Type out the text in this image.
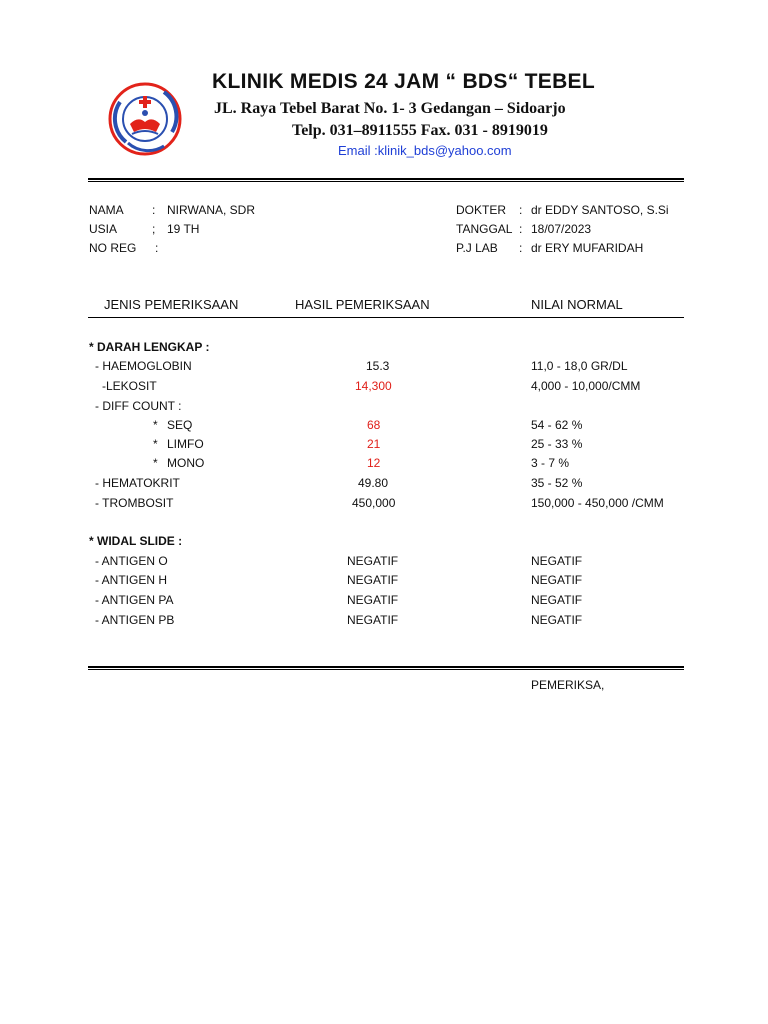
KLINIK MEDIS 24 JAM “ BDS“ TEBEL
JL. Raya Tebel Barat No. 1- 3 Gedangan – Sidoarjo
Telp. 031–8911555 Fax. 031 - 8919019
Email :klinik_bds@yahoo.com
NAMA : NIRWANA, SDR
USIA	; 19 TH
NO REG :
DOKTER : dr EDDY SANTOSO, S.Si
TANGGAL : 18/07/2023
P.J LAB : dr ERY MUFARIDAH
JENIS PEMERIKSAAN	HASIL PEMERIKSAAN	NILAI NORMAL
* DARAH LENGKAP :
- HAEMOGLOBIN	15.3	11,0 - 18,0 GR/DL
-LEKOSIT	14,300	4,000 - 10,000/CMM
- DIFF COUNT :
* SEQ	68	54 - 62 %
* LIMFO	21	25 - 33 %
* MONO	12	3 - 7 %
- HEMATOKRIT	49.80	35 - 52 %
- TROMBOSIT	450,000	150,000 - 450,000 /CMM
* WIDAL SLIDE :
- ANTIGEN O	NEGATIF	NEGATIF
- ANTIGEN H	NEGATIF	NEGATIF
- ANTIGEN PA	NEGATIF	NEGATIF
- ANTIGEN PB	NEGATIF	NEGATIF
PEMERIKSA,
